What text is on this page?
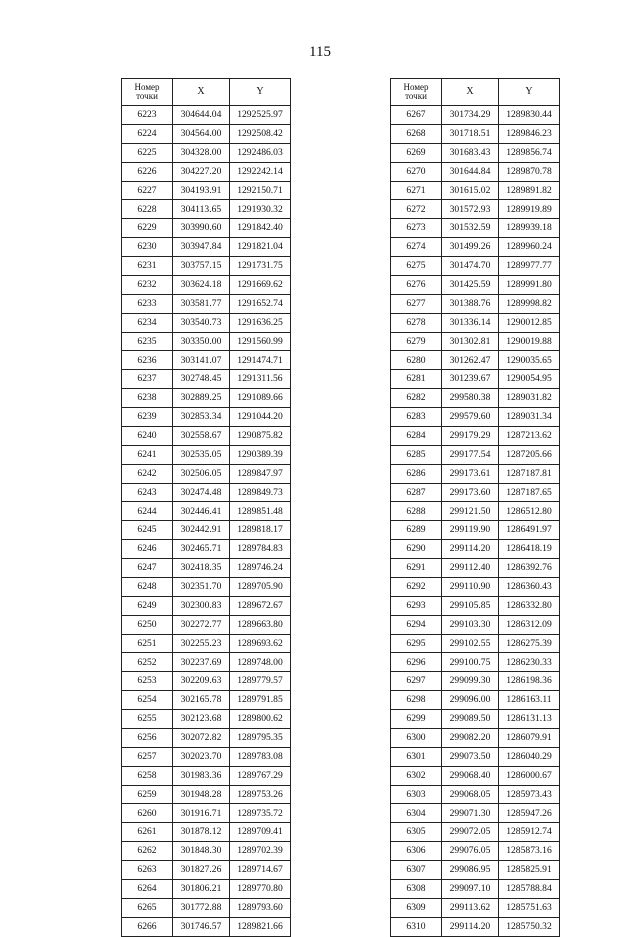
115
Номер
точки	X	Y
6223	304644.04	1292525.97
6224	304564.00	1292508.42
6225	304328.00	1292486.03
6226	304227.20	1292242.14
6227	304193.91	1292150.71
6228	304113.65	1291930.32
6229	303990.60	1291842.40
6230	303947.84	1291821.04
6231	303757.15	1291731.75
6232	303624.18	1291669.62
6233	303581.77	1291652.74
6234	303540.73	1291636.25
6235	303350.00	1291560.99
6236	303141.07	1291474.71
6237	302748.45	1291311.56
6238	302889.25	1291089.66
6239	302853.34	1291044.20
6240	302558.67	1290875.82
6241	302535.05	1290389.39
6242	302506.05	1289847.97
6243	302474.48	1289849.73
6244	302446.41	1289851.48
6245	302442.91	1289818.17
6246	302465.71	1289784.83
6247	302418.35	1289746.24
6248	302351.70	1289705.90
6249	302300.83	1289672.67
6250	302272.77	1289663.80
6251	302255.23	1289693.62
6252	302237.69	1289748.00
6253	302209.63	1289779.57
6254	302165.78	1289791.85
6255	302123.68	1289800.62
6256	302072.82	1289795.35
6257	302023.70	1289783.08
6258	301983.36	1289767.29
6259	301948.28	1289753.26
6260	301916.71	1289735.72
6261	301878.12	1289709.41
6262	301848.30	1289702.39
6263	301827.26	1289714.67
6264	301806.21	1289770.80
6265	301772.88	1289793.60
6266	301746.57	1289821.66
Номер
точки	X	Y
6267	301734.29	1289830.44
6268	301718.51	1289846.23
6269	301683.43	1289856.74
6270	301644.84	1289870.78
6271	301615.02	1289891.82
6272	301572.93	1289919.89
6273	301532.59	1289939.18
6274	301499.26	1289960.24
6275	301474.70	1289977.77
6276	301425.59	1289991.80
6277	301388.76	1289998.82
6278	301336.14	1290012.85
6279	301302.81	1290019.88
6280	301262.47	1290035.65
6281	301239.67	1290054.95
6282	299580.38	1289031.82
6283	299579.60	1289031.34
6284	299179.29	1287213.62
6285	299177.54	1287205.66
6286	299173.61	1287187.81
6287	299173.60	1287187.65
6288	299121.50	1286512.80
6289	299119.90	1286491.97
6290	299114.20	1286418.19
6291	299112.40	1286392.76
6292	299110.90	1286360.43
6293	299105.85	1286332.80
6294	299103.30	1286312.09
6295	299102.55	1286275.39
6296	299100.75	1286230.33
6297	299099.30	1286198.36
6298	299096.00	1286163.11
6299	299089.50	1286131.13
6300	299082.20	1286079.91
6301	299073.50	1286040.29
6302	299068.40	1286000.67
6303	299068.05	1285973.43
6304	299071.30	1285947.26
6305	299072.05	1285912.74
6306	299076.05	1285873.16
6307	299086.95	1285825.91
6308	299097.10	1285788.84
6309	299113.62	1285751.63
6310	299114.20	1285750.32
